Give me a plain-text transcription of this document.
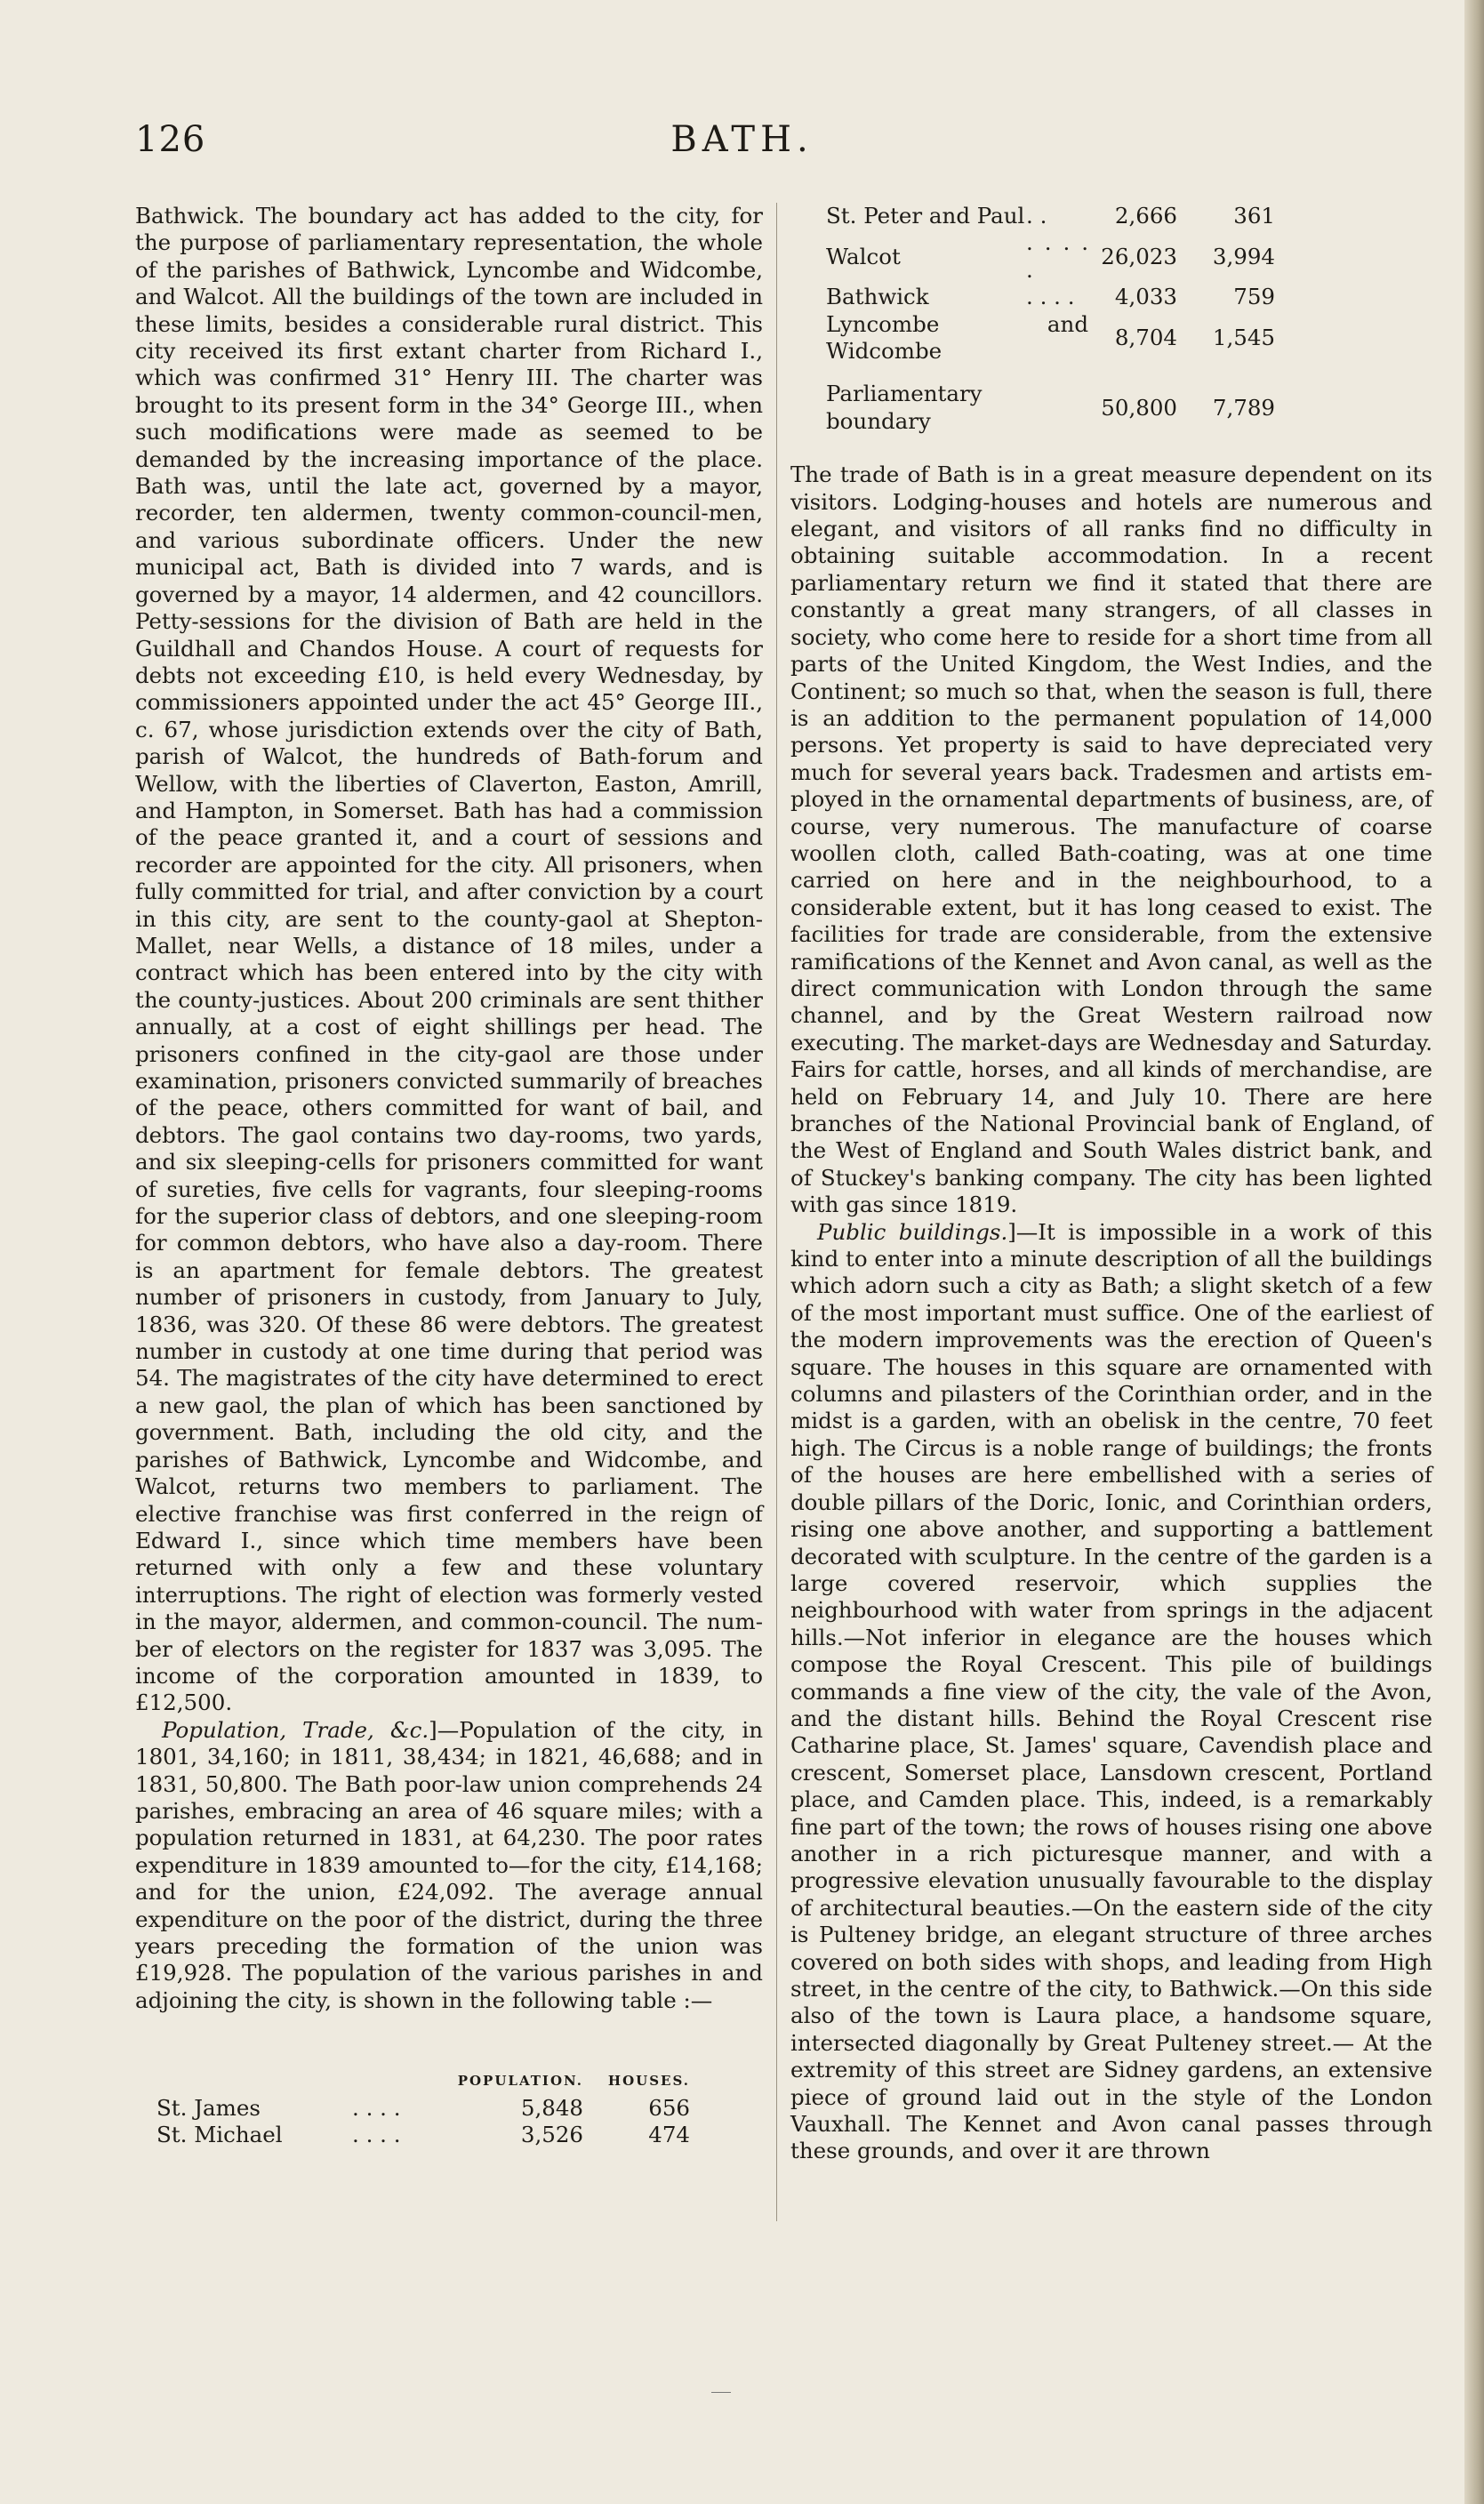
126	BATH.

Bathwick. The boundary act has added to the city, for the purpose of parliamentary representation, the whole of the parishes of Bathwick, Lyncombe and Widcombe, and Walcot. All the buildings of the town are included in these limits, besides a considerable rural district. This city received its first extant charter from Richard I., which was confirmed 31° Henry III. The charter was brought to its present form in the 34° George III., when such modifications were made as seemed to be demanded by the increasing importance of the place. Bath was, until the late act, governed by a mayor, recorder, ten aldermen, twenty common-council-men, and various subordinate officers. Under the new municipal act, Bath is divided into 7 wards, and is governed by a mayor, 14 aldermen, and 42 councillors. Petty-sessions for the division of Bath are held in the Guildhall and Chandos House. A court of requests for debts not exceeding £10, is held every Wednesday, by commissioners appointed under the act 45° George III., c. 67, whose jurisdiction extends over the city of Bath, parish of Walcot, the hundreds of Bath-forum and Wellow, with the liberties of Claverton, Easton, Amrill, and Hampton, in Somerset. Bath has had a commission of the peace granted it, and a court of sessions and recorder are appointed for the city. All prisoners, when fully committed for trial, and after conviction by a court in this city, are sent to the county-gaol at Shepton-Mallet, near Wells, a distance of 18 miles, under a contract which has been entered into by the city with the county-justices. About 200 criminals are sent thither annually, at a cost of eight shillings per head. The prisoners confined in the city-gaol are those under examination, prisoners convicted summarily of breaches of the peace, others committed for want of bail, and debtors. The gaol contains two day-rooms, two yards, and six sleeping-cells for prisoners committed for want of sureties, five cells for vagrants, four sleeping-rooms for the superior class of debtors, and one sleeping-room for common debtors, who have also a day-room. There is an apartment for female debtors. The greatest number of prisoners in custody, from January to July, 1836, was 320. Of these 86 were debtors. The greatest number in custody at one time during that period was 54. The magistrates of the city have determined to erect a new gaol, the plan of which has been sanctioned by government. Bath, including the old city, and the parishes of Bathwick, Lyncombe and Widcombe, and Walcot, returns two members to parliament. The elective franchise was first conferred in the reign of Edward I., since which time members have been returned with only a few and these voluntary interruptions. The right of election was formerly vested in the mayor, aldermen, and common-council. The number of electors on the register for 1837 was 3,095. The income of the corporation amounted in 1839, to £12,500.

Population, Trade, &c.]—Population of the city, in 1801, 34,160; in 1811, 38,434; in 1821, 46,688; and in 1831, 50,800. The Bath poor-law union comprehends 24 parishes, embracing an area of 46 square miles; with a population returned in 1831, at 64,230. The poor rates expenditure in 1839 amounted to—for the city, £14,168; and for the union, £24,092. The average annual expenditure on the poor of the district, during the three years preceding the formation of the union was £19,928. The population of the various parishes in and adjoining the city, is shown in the following table :—

		POPULATION.	HOUSES.
St. James	. . . .	5,848	656
St. Michael	. . . .	3,526	474
St. Peter and Paul	. .	2,666	361
Walcot	. . . . .	26,023	3,994
Bathwick	. . . .	4,033	759
Lyncombe and Widcombe		8,704	1,545

Parliamentary boundary		50,800	7,789

The trade of Bath is in a great measure dependent on its visitors. Lodging-houses and hotels are numerous and elegant, and visitors of all ranks find no difficulty in obtaining suitable accommodation. In a recent parliamentary return we find it stated that there are constantly a great many strangers, of all classes in society, who come here to reside for a short time from all parts of the United Kingdom, the West Indies, and the Continent; so much so that, when the season is full, there is an addition to the permanent population of 14,000 persons. Yet property is said to have depreciated very much for several years back. Tradesmen and artists employed in the ornamental departments of business, are, of course, very numerous. The manufacture of coarse woollen cloth, called Bath-coating, was at one time carried on here and in the neighbourhood, to a considerable extent, but it has long ceased to exist. The facilities for trade are considerable, from the extensive ramifications of the Kennet and Avon canal, as well as the direct communication with London through the same channel, and by the Great Western railroad now executing. The market-days are Wednesday and Saturday. Fairs for cattle, horses, and all kinds of merchandise, are held on February 14, and July 10. There are here branches of the National Provincial bank of England, of the West of England and South Wales district bank, and of Stuckey's banking company. The city has been lighted with gas since 1819.

Public buildings.]—It is impossible in a work of this kind to enter into a minute description of all the buildings which adorn such a city as Bath; a slight sketch of a few of the most important must suffice. One of the earliest of the modern improvements was the erection of Queen's square. The houses in this square are ornamented with columns and pilasters of the Corinthian order, and in the midst is a garden, with an obelisk in the centre, 70 feet high. The Circus is a noble range of buildings; the fronts of the houses are here embellished with a series of double pillars of the Doric, Ionic, and Corinthian orders, rising one above another, and supporting a battlement decorated with sculpture. In the centre of the garden is a large covered reservoir, which supplies the neighbourhood with water from springs in the adjacent hills.—Not inferior in elegance are the houses which compose the Royal Crescent. This pile of buildings commands a fine view of the city, the vale of the Avon, and the distant hills. Behind the Royal Crescent rise Catharine place, St. James' square, Cavendish place and crescent, Somerset place, Lansdown crescent, Portland place, and Camden place. This, indeed, is a remarkably fine part of the town; the rows of houses rising one above another in a rich picturesque manner, and with a progressive elevation unusually favourable to the display of architectural beauties.—On the eastern side of the city is Pulteney bridge, an elegant structure of three arches covered on both sides with shops, and leading from High street, in the centre of the city, to Bathwick.—On this side also of the town is Laura place, a handsome square, intersected diagonally by Great Pulteney street.— At the extremity of this street are Sidney gardens, an extensive piece of ground laid out in the style of the London Vauxhall. The Kennet and Avon canal passes through these grounds, and over it are thrown
